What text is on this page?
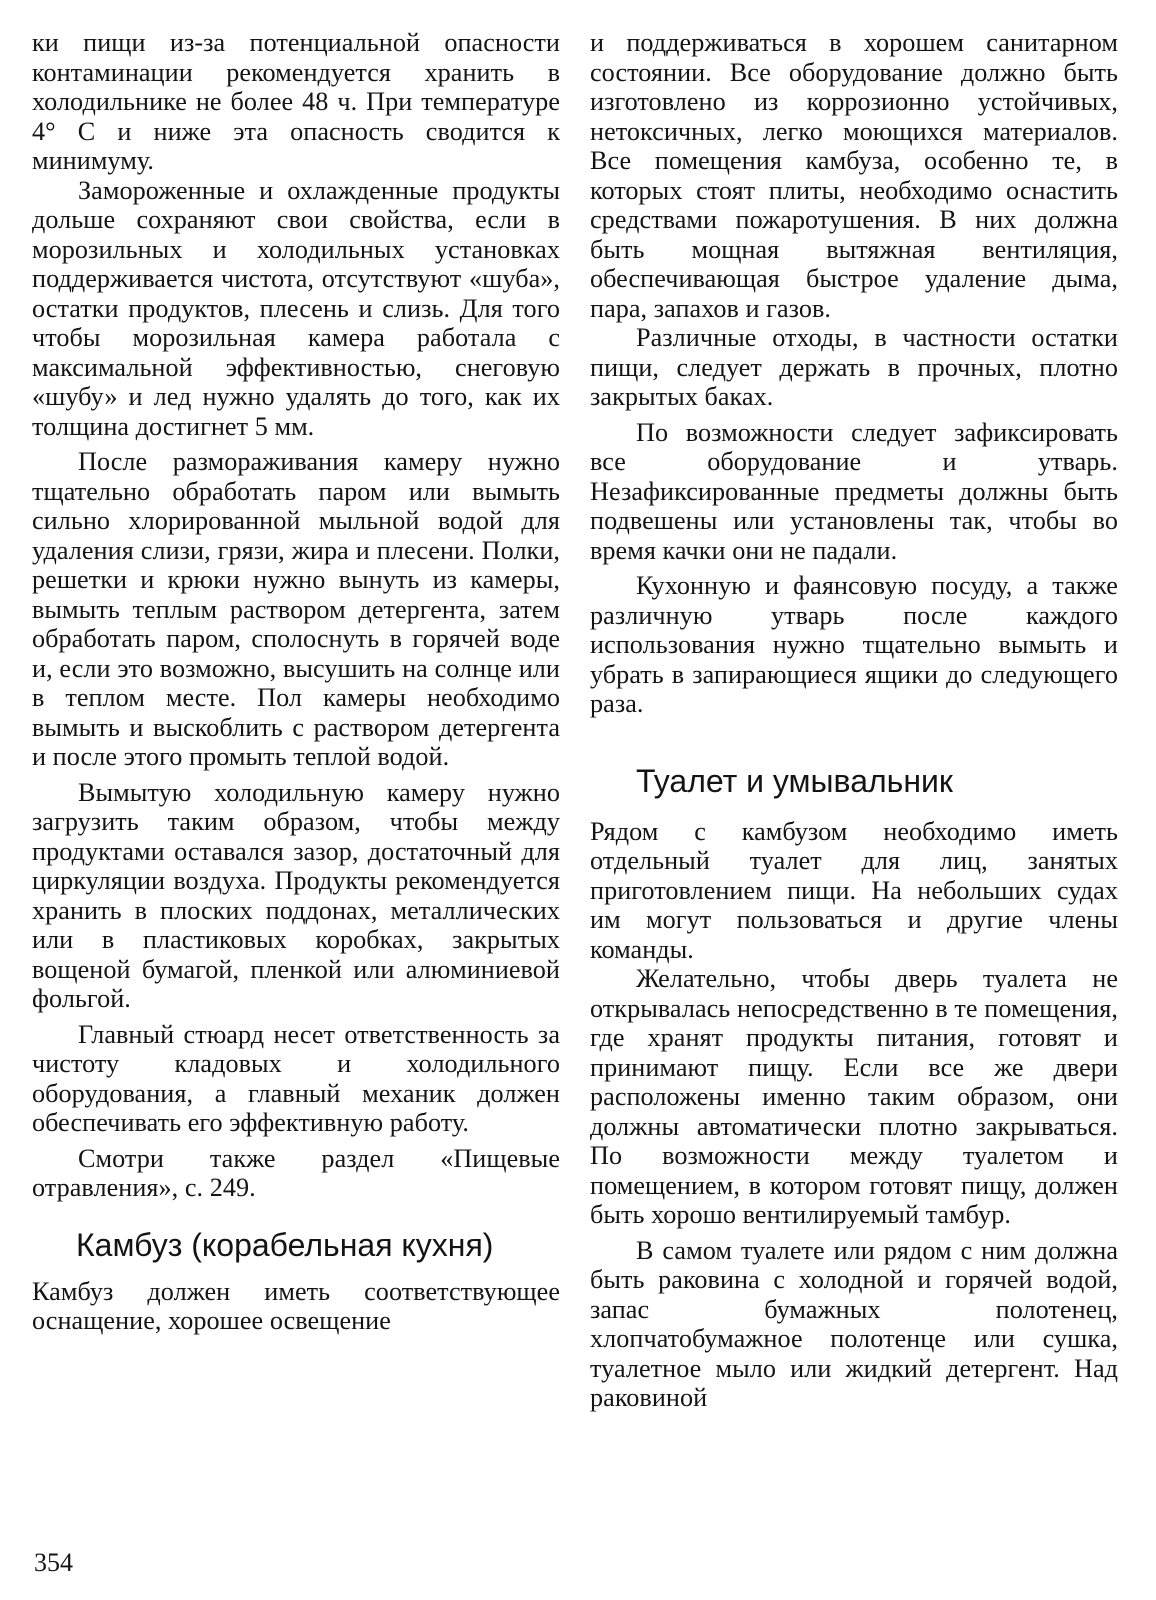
ки пищи из-за потенциальной опасности контаминации рекомендуется хранить в холодильнике не более 48 ч. При температуре 4° С и ниже эта опасность сводится к минимуму.

Замороженные и охлажденные продукты дольше сохраняют свои свойства, если в морозильных и холодильных установках поддерживается чистота, отсутствуют «шуба», остатки продуктов, плесень и слизь. Для того чтобы морозильная камера работала с максимальной эффективностью, снеговую «шубу» и лед нужно удалять до того, как их толщина достигнет 5 мм.

После размораживания камеру нужно тщательно обработать паром или вымыть сильно хлорированной мыльной водой для удаления слизи, грязи, жира и плесени. Полки, решетки и крюки нужно вынуть из камеры, вымыть теплым раствором детергента, затем обработать паром, сполоснуть в горячей воде и, если это возможно, высушить на солнце или в теплом месте. Пол камеры необходимо вымыть и выскоблить с раствором детергента и после этого промыть теплой водой.

Вымытую холодильную камеру нужно загрузить таким образом, чтобы между продуктами оставался зазор, достаточный для циркуляции воздуха. Продукты рекомендуется хранить в плоских поддонах, металлических или в пластиковых коробках, закрытых вощеной бумагой, пленкой или алюминиевой фольгой.

Главный стюард несет ответственность за чистоту кладовых и холодильного оборудования, а главный механик должен обеспечивать его эффективную работу.

Смотри также раздел «Пищевые отравления», с. 249.

Камбуз (корабельная кухня)

Камбуз должен иметь соответствующее оснащение, хорошее освещение

и поддерживаться в хорошем санитарном состоянии. Все оборудование должно быть изготовлено из коррозионно устойчивых, нетоксичных, легко моющихся материалов. Все помещения камбуза, особенно те, в которых стоят плиты, необходимо оснастить средствами пожаротушения. В них должна быть мощная вытяжная вентиляция, обеспечивающая быстрое удаление дыма, пара, запахов и газов.

Различные отходы, в частности остатки пищи, следует держать в прочных, плотно закрытых баках.

По возможности следует зафиксировать все оборудование и утварь. Незафиксированные предметы должны быть подвешены или установлены так, чтобы во время качки они не падали.

Кухонную и фаянсовую посуду, а также различную утварь после каждого использования нужно тщательно вымыть и убрать в запирающиеся ящики до следующего раза.

Туалет и умывальник

Рядом с камбузом необходимо иметь отдельный туалет для лиц, занятых приготовлением пищи. На небольших судах им могут пользоваться и другие члены команды.

Желательно, чтобы дверь туалета не открывалась непосредственно в те помещения, где хранят продукты питания, готовят и принимают пищу. Если все же двери расположены именно таким образом, они должны автоматически плотно закрываться. По возможности между туалетом и помещением, в котором готовят пищу, должен быть хорошо вентилируемый тамбур.

В самом туалете или рядом с ним должна быть раковина с холодной и горячей водой, запас бумажных полотенец, хлопчатобумажное полотенце или сушка, туалетное мыло или жидкий детергент. Над раковиной

354
